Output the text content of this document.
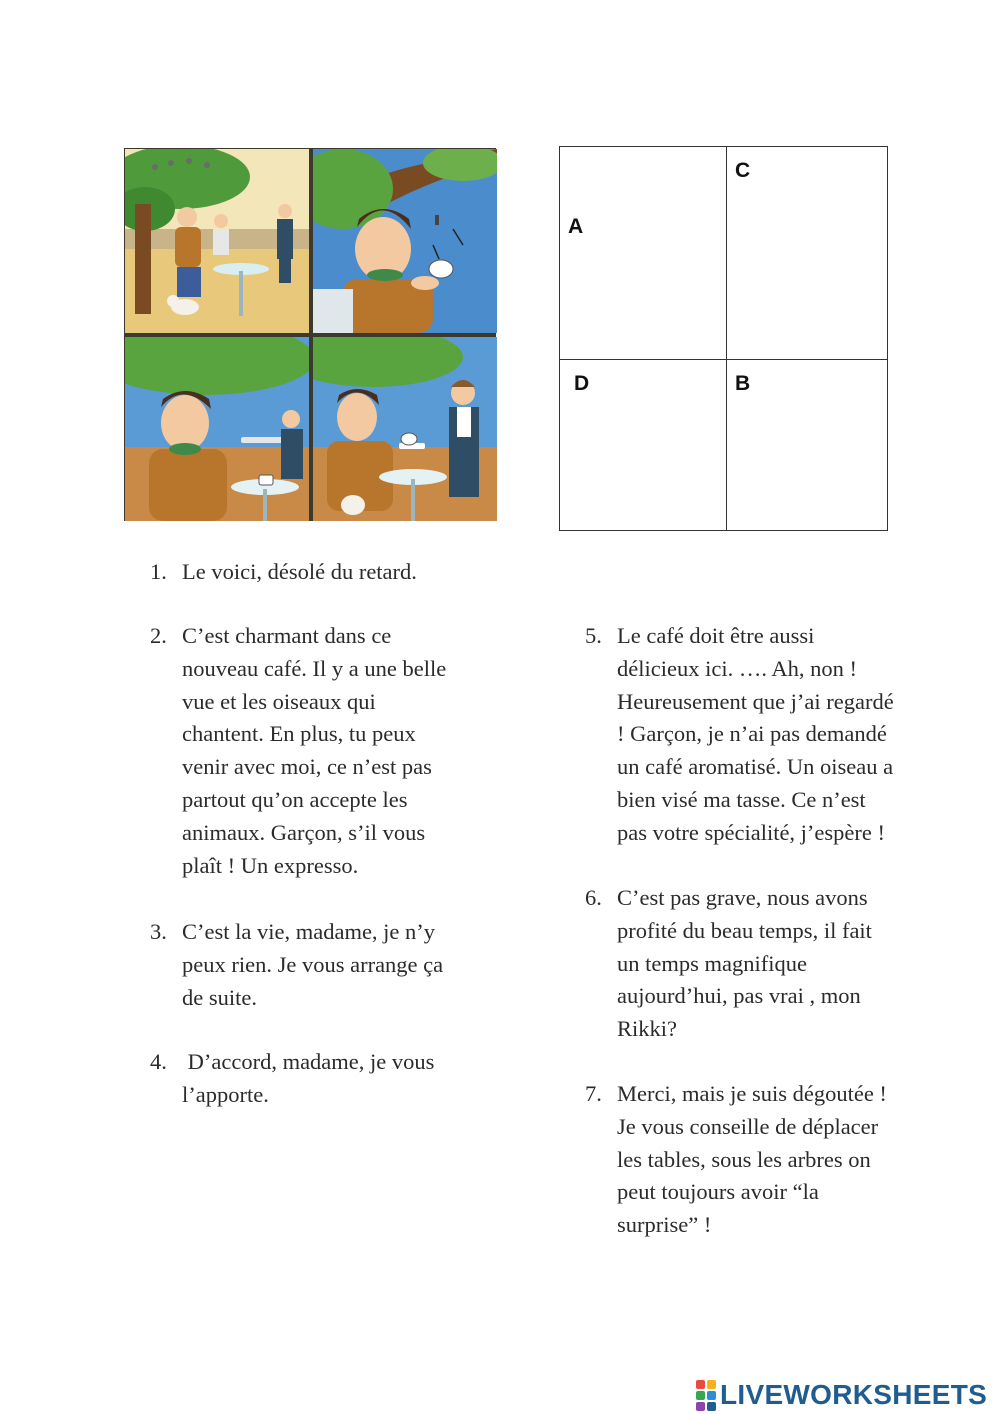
A
C
D	B
1. Le voici, désolé du retard.
2. C’est charmant dans ce
nouveau café. Il y a une belle
vue et les oiseaux qui
chantent. En plus, tu peux
venir avec moi, ce n’est pas
partout qu’on accepte les
animaux. Garçon, s’il vous
plaît ! Un expresso.
3. C’est la vie, madame, je n’y
peux rien. Je vous arrange ça
de suite.
4. D’accord, madame, je vous
l’apporte.
5. Le café doit être aussi
délicieux ici. …. Ah, non !
Heureusement que j’ai regardé
! Garçon, je n’ai pas demandé
un café aromatisé. Un oiseau a
bien visé ma tasse. Ce n’est
pas votre spécialité, j’espère !
6. C’est pas grave, nous avons
profité du beau temps, il fait
un temps magnifique
aujourd’hui, pas vrai , mon
Rikki?
7. Merci, mais je suis dégoutée !
Je vous conseille de déplacer
les tables, sous les arbres on
peut toujours avoir “la
surprise” !
LIVEWORKSHEETS
